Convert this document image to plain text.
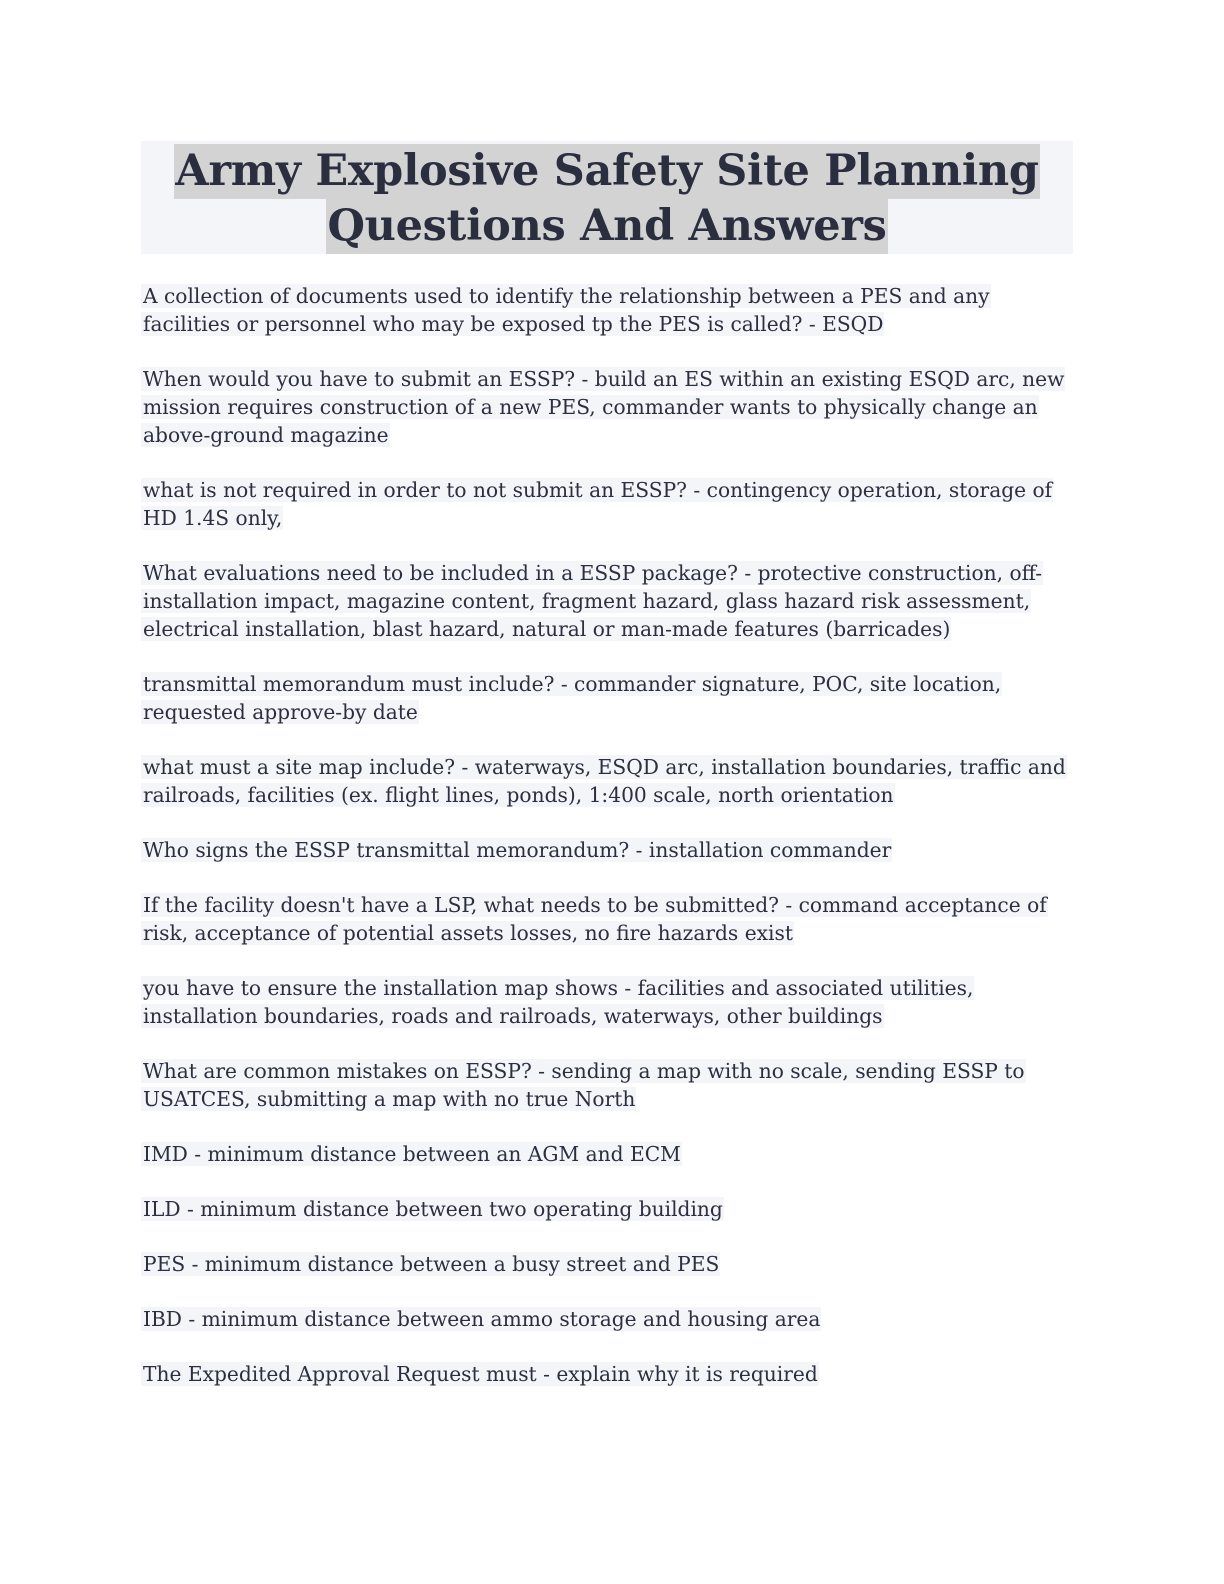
Army Explosive Safety Site Planning
Questions And Answers

A collection of documents used to identify the relationship between a PES and any facilities or personnel who may be exposed tp the PES is called? - ESQD

When would you have to submit an ESSP? - build an ES within an existing ESQD arc, new mission requires construction of a new PES, commander wants to physically change an above-ground magazine

what is not required in order to not submit an ESSP? - contingency operation, storage of HD 1.4S only,

What evaluations need to be included in a ESSP package? - protective construction, off-installation impact, magazine content, fragment hazard, glass hazard risk assessment, electrical installation, blast hazard, natural or man-made features (barricades)

transmittal memorandum must include? - commander signature, POC, site location, requested approve-by date

what must a site map include? - waterways, ESQD arc, installation boundaries, traffic and railroads, facilities (ex. flight lines, ponds), 1:400 scale, north orientation

Who signs the ESSP transmittal memorandum? - installation commander

If the facility doesn't have a LSP, what needs to be submitted? - command acceptance of risk, acceptance of potential assets losses, no fire hazards exist

you have to ensure the installation map shows - facilities and associated utilities, installation boundaries, roads and railroads, waterways, other buildings

What are common mistakes on ESSP? - sending a map with no scale, sending ESSP to USATCES, submitting a map with no true North

IMD - minimum distance between an AGM and ECM

ILD - minimum distance between two operating building

PES - minimum distance between a busy street and PES

IBD - minimum distance between ammo storage and housing area

The Expedited Approval Request must - explain why it is required
